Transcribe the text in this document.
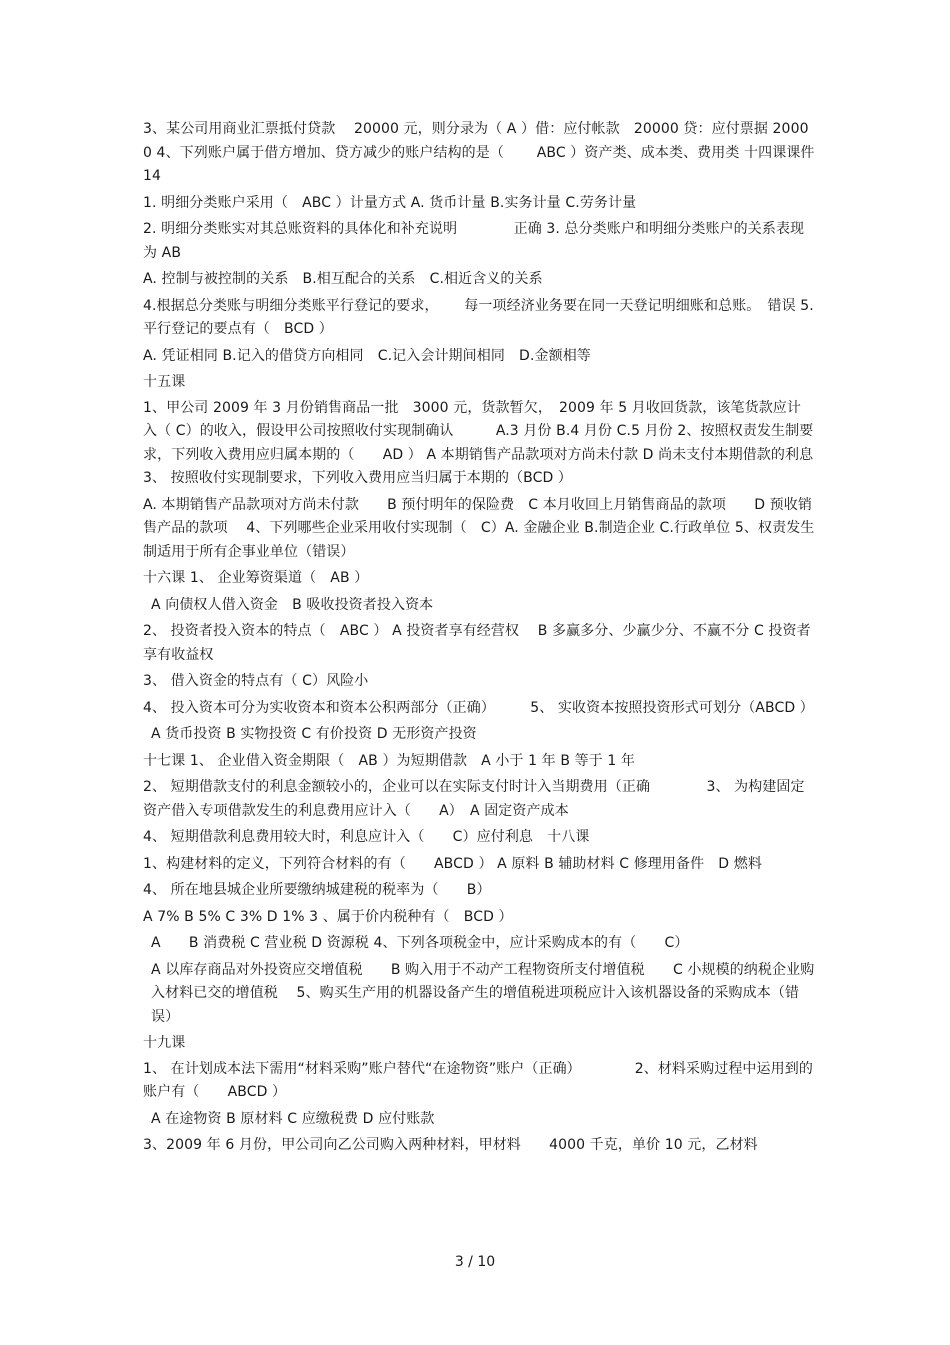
3、某公司用商业汇票抵付贷款　 20000 元，则分录为（ A ）借：应付帐款　20000 贷：应付票据 20000 4、下列账户属于借方增加、贷方减少的账户结构的是（　　 ABC ）资产类、成本类、费用类 十四课课件　14

1. 明细分类账户采用（　ABC ）计量方式 A. 货币计量 B.实务计量 C.劳务计量

2. 明细分类账实对其总账资料的具体化和补充说明　　　　正确 3. 总分类账户和明细分类账户的关系表现为 AB

A. 控制与被控制的关系　B.相互配合的关系　C.相近含义的关系

4.根据总分类账与明细分类账平行登记的要求，　　 每一项经济业务要在同一天登记明细账和总账。　错误 5.平行登记的要点有（　BCD ）

A. 凭证相同 B.记入的借贷方向相同　C.记入会计期间相同　D.金额相等

十五课

1、甲公司 2009 年 3 月份销售商品一批　3000 元，货款暂欠，　2009 年 5 月收回货款，该笔货款应计入（ C）的收入，假设甲公司按照收付实现制确认　　　A.3 月份 B.4 月份 C.5 月份 2、按照权责发生制要求，下列收入费用应归属本期的（　　AD ） A 本期销售产品款项对方尚未付款 D 尚未支付本期借款的利息　 3、 按照收付实现制要求，下列收入费用应当归属于本期的（BCD ）

A. 本期销售产品款项对方尚未付款　　B 预付明年的保险费　C 本月收回上月销售商品的款项　　D 预收销售产品的款项　 4、下列哪些企业采用收付实现制（　C）A. 金融企业 B.制造企业 C.行政单位 5、权责发生制适用于所有企事业单位（错误）

十六课 1、 企业筹资渠道（　AB ）

A 向债权人借入资金　B 吸收投资者投入资本

2、 投资者投入资本的特点（　ABC ） A 投资者享有经营权　 B 多赢多分、少赢少分、不赢不分 C 投资者享有收益权

3、 借入资金的特点有（ C）风险小

4、 投入资本可分为实收资本和资本公积两部分（正确）　　　5、 实收资本按照投资形式可划分（ABCD ）

A 货币投资 B 实物投资 C 有价投资 D 无形资产投资

十七课 1、 企业借入资金期限（　AB ）为短期借款　A 小于 1 年 B 等于 1 年

2、 短期借款支付的利息金额较小的，企业可以在实际支付时计入当期费用（正确　　　　3、 为构建固定资产借入专项借款发生的利息费用应计入（　　A）　A 固定资产成本

4、 短期借款利息费用较大时，利息应计入（　　C）应付利息　十八课

1、构建材料的定义，下列符合材料的有（　　ABCD ） A 原料 B 辅助材料 C 修理用备件　D 燃料

4、 所在地县城企业所要缴纳城建税的税率为（　　B）

A 7% B 5% C 3% D 1% 3 、属于价内税种有（　BCD ）

A　　B 消费税 C 营业税 D 资源税 4、下列各项税金中，应计采购成本的有（　　C）

A 以库存商品对外投资应交增值税　　B 购入用于不动产工程物资所支付增值税　　C 小规模的纳税企业购入材料已交的增值税　 5、购买生产用的机器设备产生的增值税进项税应计入该机器设备的采购成本（错误）

十九课

1、 在计划成本法下需用“材料采购”账户替代“在途物资”账户（正确）　　　　 2、材料采购过程中运用到的账户有（　　ABCD ）

A 在途物资 B 原材料 C 应缴税费 D 应付账款

3、2009 年 6 月份，甲公司向乙公司购入两种材料，甲材料　　4000 千克，单价 10 元，乙材料

3 / 10
